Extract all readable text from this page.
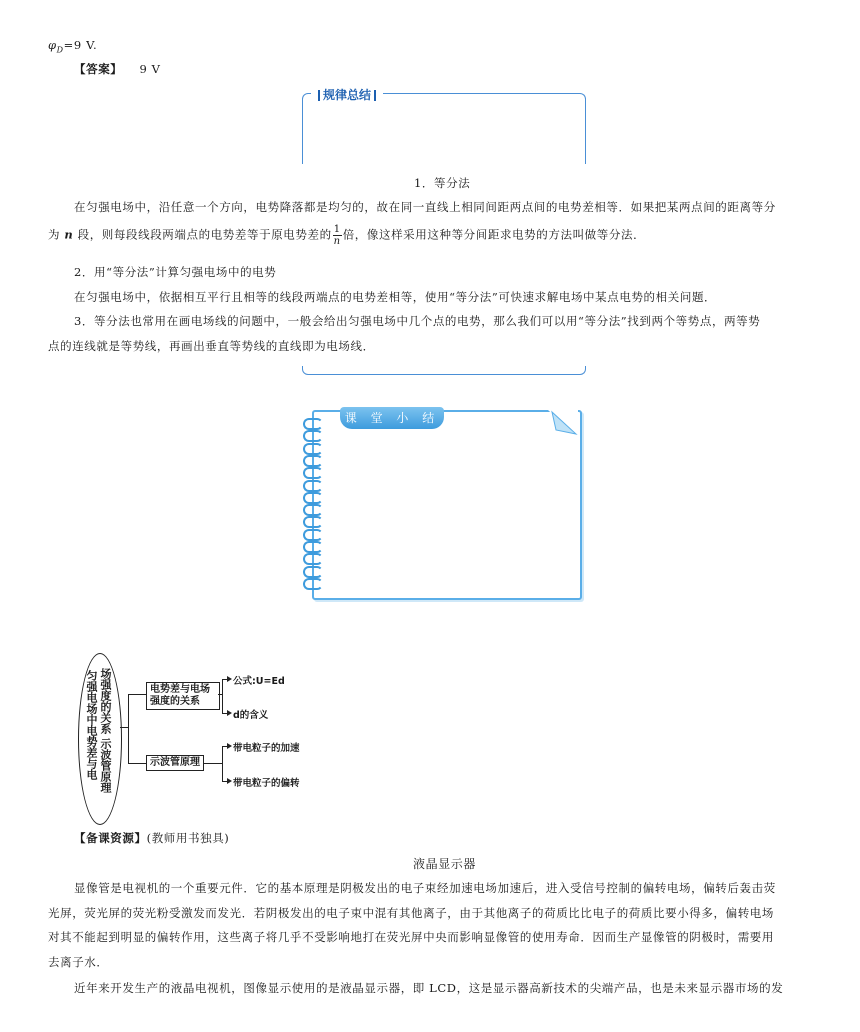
$\varphi_D=9$ V.
【答案】 9 V
规律总结
1．等分法
在匀强电场中，沿任意一个方向，电势降落都是均匀的，故在同一直线上相同间距两点间的电势差相等．如果把某两点间的距离等分
为 n 段，则每段线段两端点的电势差等于原电势差的 $\frac{1}{n}$ 倍，像这样采用这种等分间距求电势的方法叫做等分法．
2．用“等分法”计算匀强电场中的电势
在匀强电场中，依据相互平行且相等的线段两端点的电势差相等，使用“等分法”可快速求解电场中某点电势的相关问题．
3．等分法也常用在画电场线的问题中，一般会给出匀强电场中几个点的电势，那么我们可以用“等分法”找到两个等势点，两等势
点的连线就是等势线，再画出垂直等势线的直线即为电场线．
课 堂 小 结
匀强电场中电势差与电 场强度的关系 示波管原理	电势差与电场
强度的关系
示波管原理
公式:U=Ed
d的含义
带电粒子的加速
带电粒子的偏转
【备课资源】(教师用书独具)
液晶显示器
显像管是电视机的一个重要元件．它的基本原理是阴极发出的电子束经加速电场加速后，进入受信号控制的偏转电场，偏转后轰击荧
光屏，荧光屏的荧光粉受激发而发光．若阴极发出的电子束中混有其他离子，由于其他离子的荷质比比电子的荷质比要小得多，偏转电场
对其不能起到明显的偏转作用，这些离子将几乎不受影响地打在荧光屏中央而影响显像管的使用寿命．因而生产显像管的阴极时，需要用
去离子水．
近年来开发生产的液晶电视机，图像显示使用的是液晶显示器，即 LCD，这是显示器高新技术的尖端产品，也是未来显示器市场的发
